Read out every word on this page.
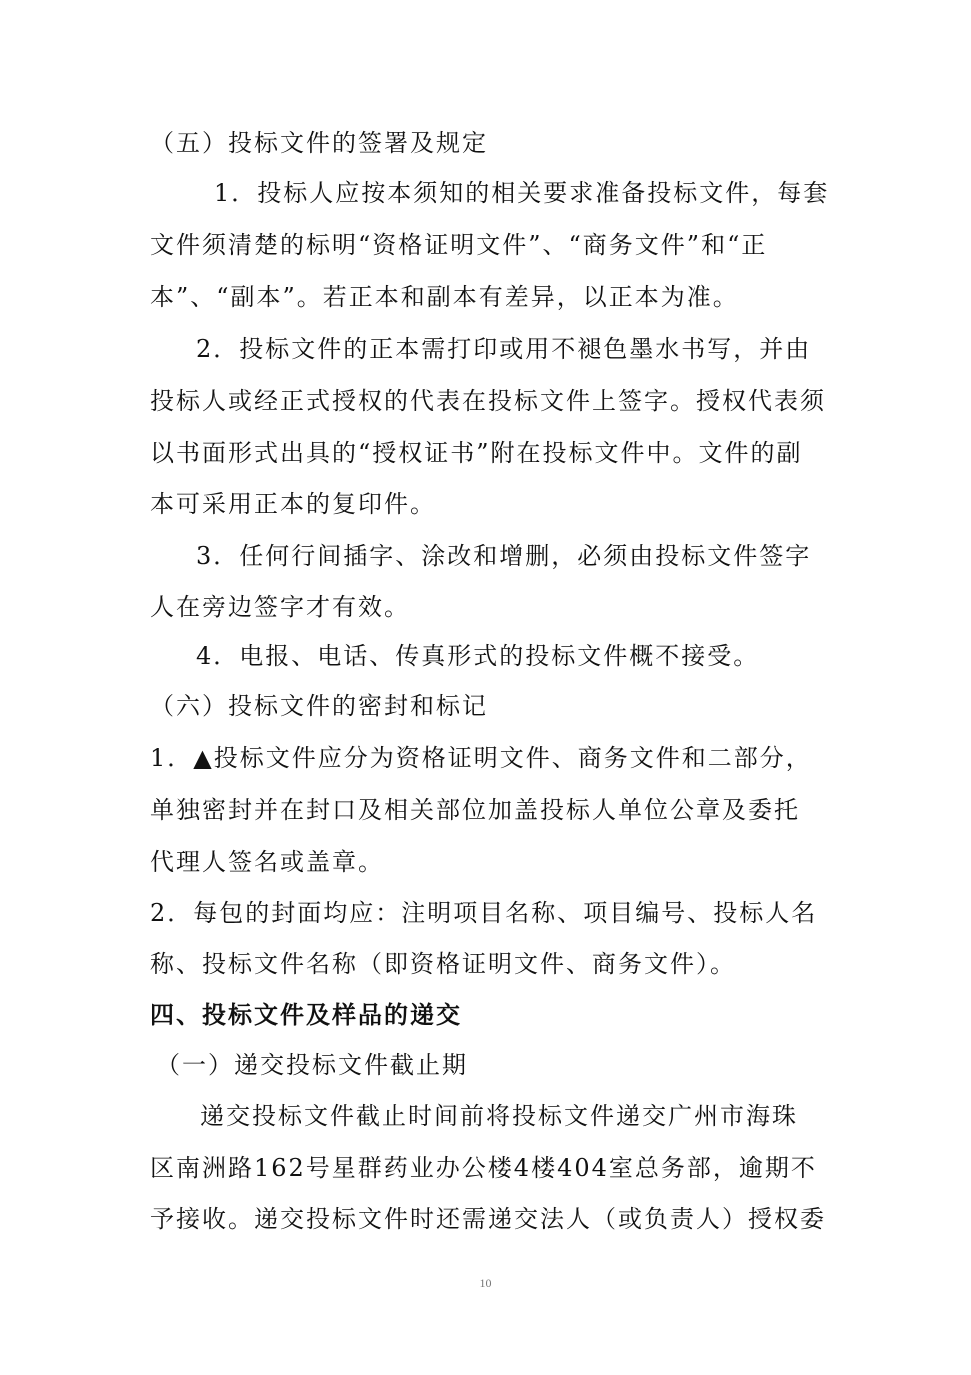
（五）投标文件的签署及规定
1．投标人应按本须知的相关要求准备投标文件，每套
文件须清楚的标明“资格证明文件”、“商务文件”和“正
本”、“副本”。若正本和副本有差异，以正本为准。
2．投标文件的正本需打印或用不褪色墨水书写，并由
投标人或经正式授权的代表在投标文件上签字。授权代表须
以书面形式出具的“授权证书”附在投标文件中。文件的副
本可采用正本的复印件。
3．任何行间插字、涂改和增删，必须由投标文件签字
人在旁边签字才有效。
4．电报、电话、传真形式的投标文件概不接受。
（六）投标文件的密封和标记
1．▲投标文件应分为资格证明文件、商务文件和二部分，
单独密封并在封口及相关部位加盖投标人单位公章及委托
代理人签名或盖章。
2．每包的封面均应：注明项目名称、项目编号、投标人名
称、投标文件名称（即资格证明文件、商务文件）。
四、投标文件及样品的递交
（一）递交投标文件截止期
递交投标文件截止时间前将投标文件递交广州市海珠
区南洲路162号星群药业办公楼4楼404室总务部，逾期不
予接收。递交投标文件时还需递交法人（或负责人）授权委
10
